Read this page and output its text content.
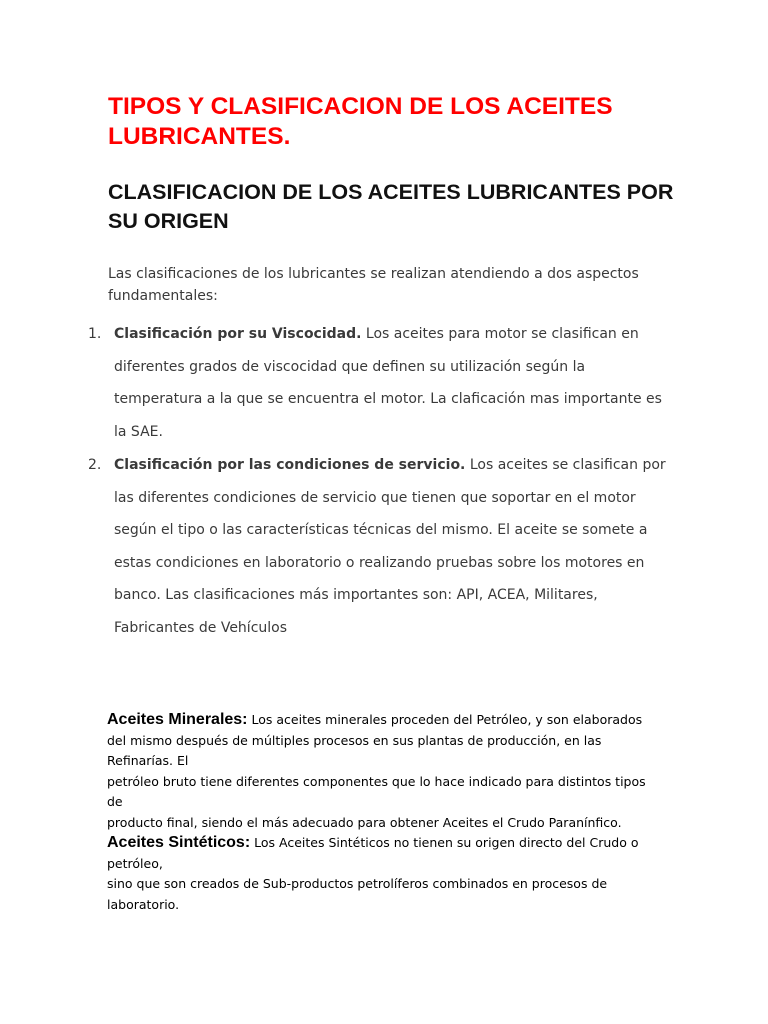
TIPOS Y CLASIFICACION DE LOS ACEITES LUBRICANTES.
CLASIFICACION DE LOS ACEITES LUBRICANTES POR SU ORIGEN

Las clasificaciones de los lubricantes se realizan atendiendo a dos aspectos fundamentales:

1. Clasificación por su Viscocidad. Los aceites para motor se clasifican en diferentes grados de viscocidad que definen su utilización según la temperatura a la que se encuentra el motor. La claficación mas importante es la SAE.
2. Clasificación por las condiciones de servicio. Los aceites se clasifican por las diferentes condiciones de servicio que tienen que soportar en el motor según el tipo o las características técnicas del mismo. El aceite se somete a estas condiciones en laboratorio o realizando pruebas sobre los motores en banco. Las clasificaciones más importantes son: API, ACEA, Militares, Fabricantes de Vehículos
Aceites Minerales: Los aceites minerales proceden del Petróleo, y son elaborados del mismo después de múltiples procesos en sus plantas de producción, en las Refinarías. El
petróleo bruto tiene diferentes componentes que lo hace indicado para distintos tipos de
producto final, siendo el más adecuado para obtener Aceites el Crudo Paranínfico.
Aceites Sintéticos: Los Aceites Sintéticos no tienen su origen directo del Crudo o petróleo,
sino que son creados de Sub-productos petrolíferos combinados en procesos de laboratorio.
